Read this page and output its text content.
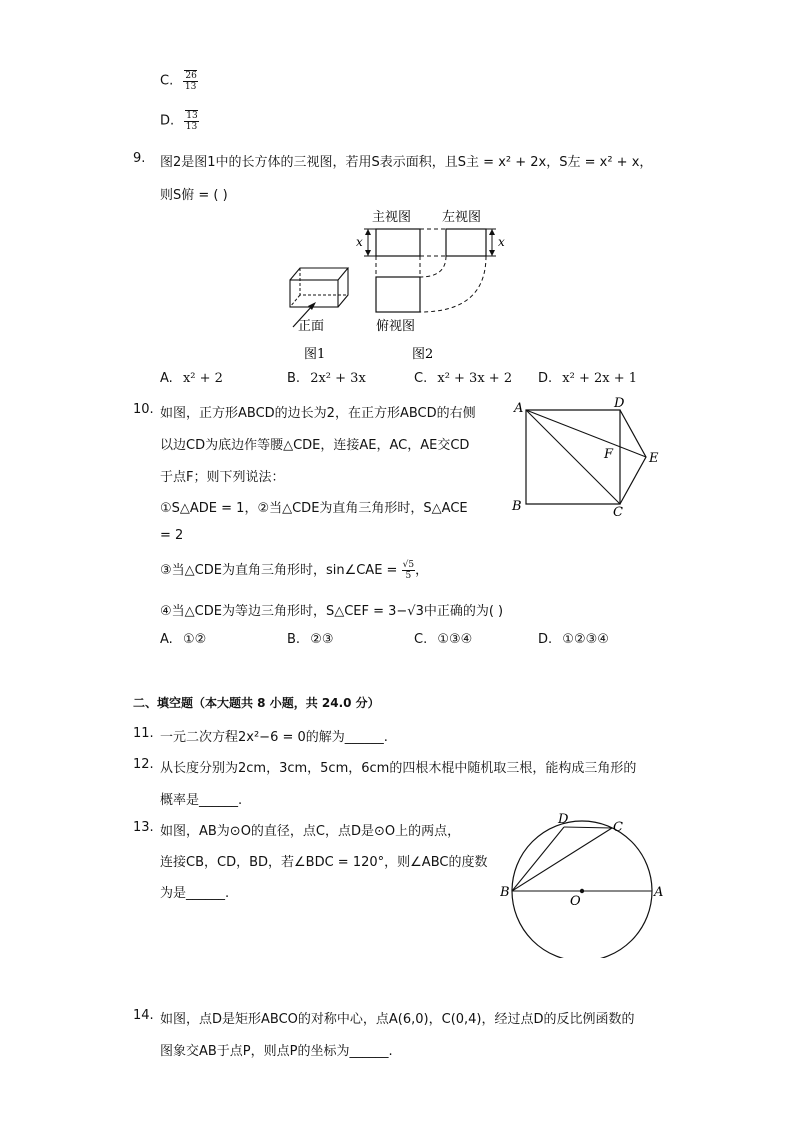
C. $\frac{26}{13}$
D. $\frac{13}{13}$
9. 图2是图1中的长方体的三视图，若用S表示面积，且S主 = x² + 2x，S左 = x² + x，
则S俯 = ( )
主视图 左视图
x	x
正面	俯视图
图1	图2
A. x² + 2	B. 2x² + 3x	C. x² + 3x + 2 D. x² + 2x + 1
10. 如图，正方形ABCD的边长为2，在正方形ABCD的右侧
以边CD为底边作等腰△CDE，连接AE，AC，AE交CD
于点F；则下列说法：
①S△ADE = 1，②当△CDE为直角三角形时，S△ACE
= 2
③当△CDE为直角三角形时，sin∠CAE = $\frac{√5}{5}$ ，
④当△CDE为等边三角形时，S△CEF = 3−√3中正确的为( )
A	D
E
F
B	C
A. ①②	B. ②③	C. ①③④	D. ①②③④
二、填空题（本大题共 8 小题，共 24.0 分）
11. 一元二次方程2x²−6 = 0的解为______.
12. 从长度分别为2cm，3cm，5cm，6cm的四根木棍中随机取三根，能构成三角形的
概率是______.
13. 如图，AB为⊙O的直径，点C，点D是⊙O上的两点，
连接CB，CD，BD，若∠BDC = 120°，则∠ABC的度数
为是______.
D
C
B	A
O
14. 如图，点D是矩形ABCO的对称中心，点A(6,0)，C(0,4)，经过点D的反比例函数的
图象交AB于点P，则点P的坐标为______.
